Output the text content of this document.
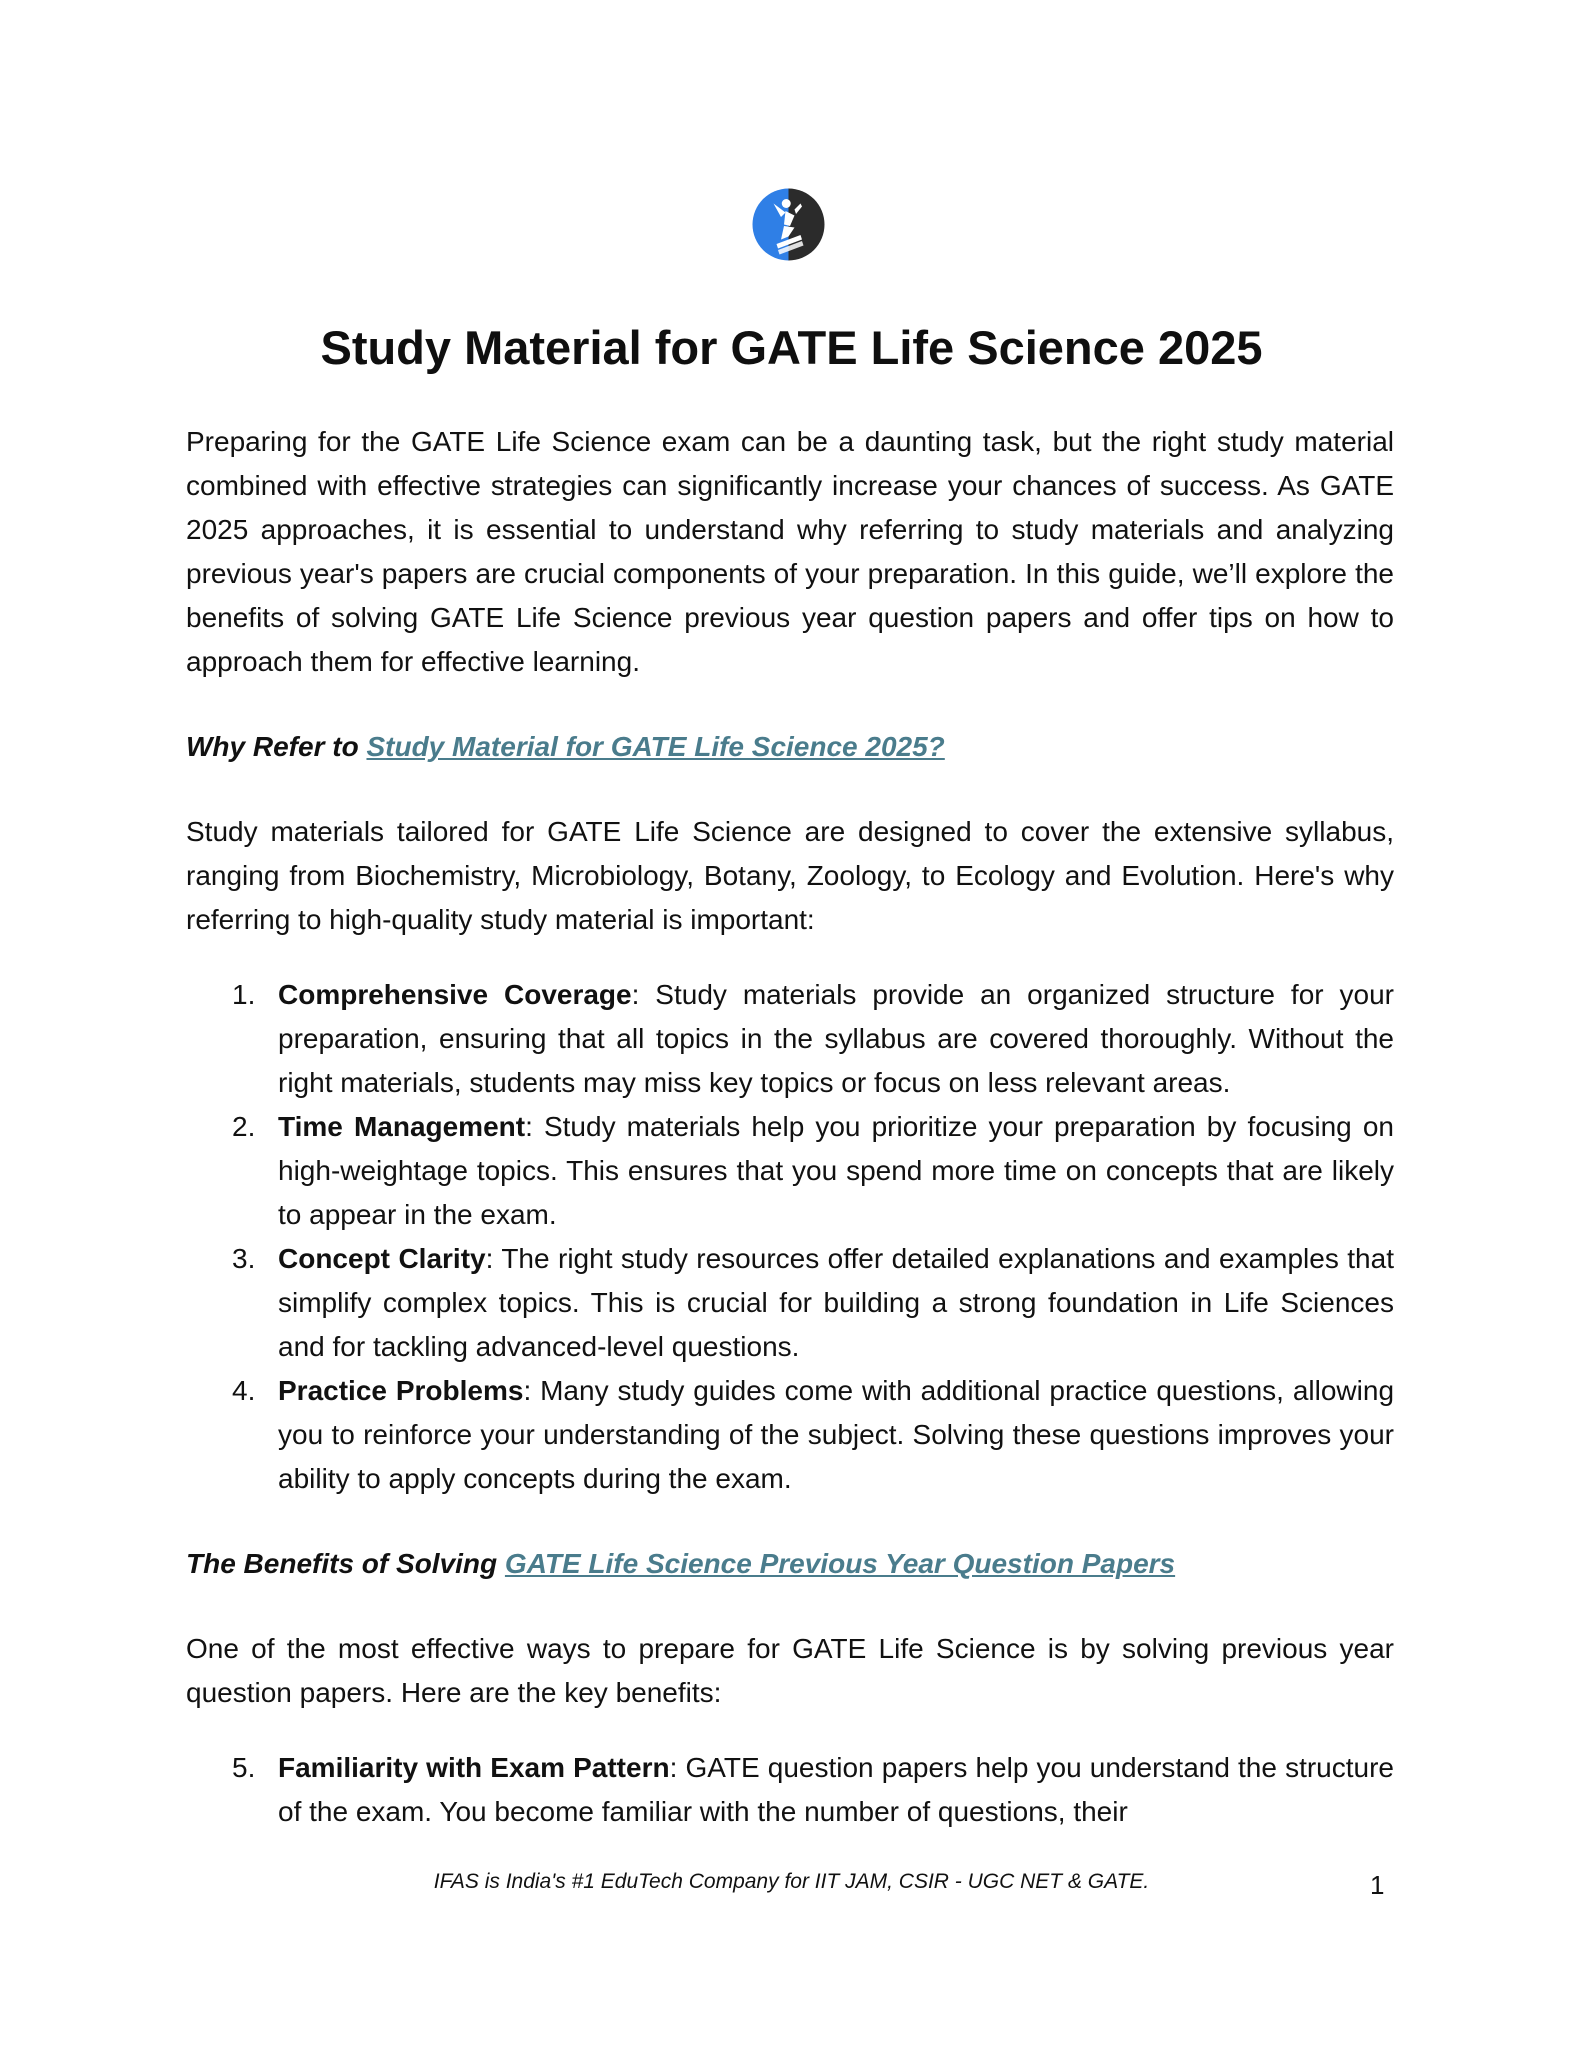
Study Material for GATE Life Science 2025

Preparing for the GATE Life Science exam can be a daunting task, but the right study material combined with effective strategies can significantly increase your chances of success. As GATE 2025 approaches, it is essential to understand why referring to study materials and analyzing previous year's papers are crucial components of your preparation. In this guide, we’ll explore the benefits of solving GATE Life Science previous year question papers and offer tips on how to approach them for effective learning.

Why Refer to Study Material for GATE Life Science 2025?

Study materials tailored for GATE Life Science are designed to cover the extensive syllabus, ranging from Biochemistry, Microbiology, Botany, Zoology, to Ecology and Evolution. Here's why referring to high-quality study material is important:

1. Comprehensive Coverage: Study materials provide an organized structure for your preparation, ensuring that all topics in the syllabus are covered thoroughly. Without the right materials, students may miss key topics or focus on less relevant areas.
2. Time Management: Study materials help you prioritize your preparation by focusing on high-weightage topics. This ensures that you spend more time on concepts that are likely to appear in the exam.
3. Concept Clarity: The right study resources offer detailed explanations and examples that simplify complex topics. This is crucial for building a strong foundation in Life Sciences and for tackling advanced-level questions.
4. Practice Problems: Many study guides come with additional practice questions, allowing you to reinforce your understanding of the subject. Solving these questions improves your ability to apply concepts during the exam.
The Benefits of Solving GATE Life Science Previous Year Question Papers

One of the most effective ways to prepare for GATE Life Science is by solving previous year question papers. Here are the key benefits:

5. Familiarity with Exam Pattern: GATE question papers help you understand the structure of the exam. You become familiar with the number of questions, their
IFAS is India's #1 EduTech Company for IIT JAM, CSIR - UGC NET & GATE.	1
